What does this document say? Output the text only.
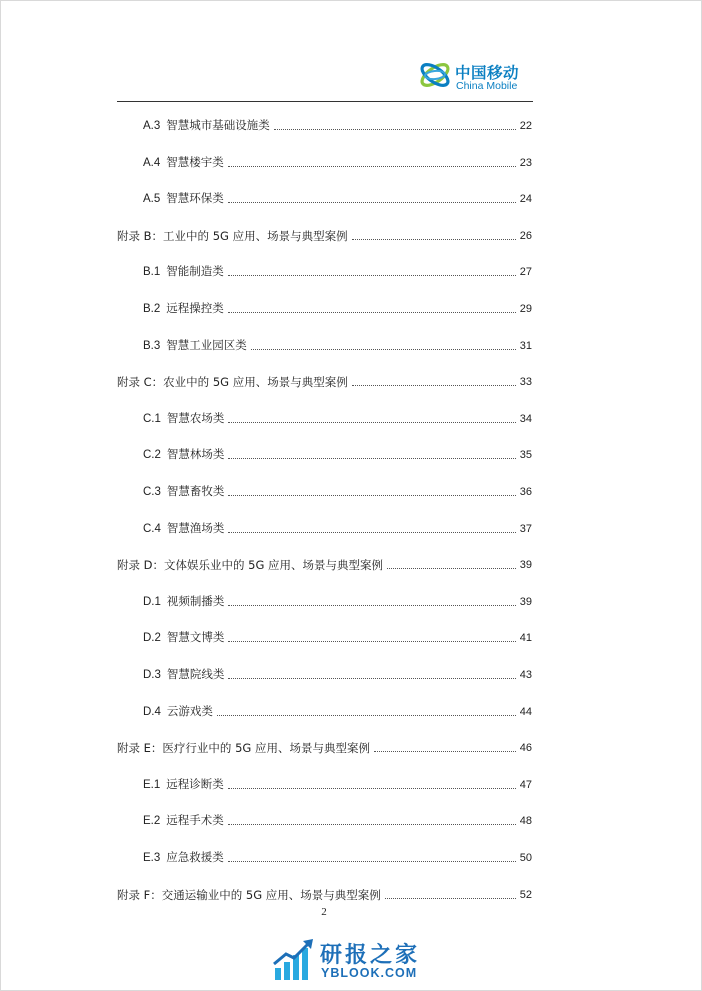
中国移动
China Mobile
A.3 智慧城市基础设施类	22
A.4 智慧楼宇类	23
A.5 智慧环保类	24
附录 B：工业中的 5G 应用、场景与典型案例	26
B.1 智能制造类	27
B.2 远程操控类	29
B.3 智慧工业园区类	31
附录 C：农业中的 5G 应用、场景与典型案例	33
C.1 智慧农场类	34
C.2 智慧林场类	35
C.3 智慧畜牧类	36
C.4 智慧渔场类	37
附录 D：文体娱乐业中的 5G 应用、场景与典型案例	39
D.1 视频制播类	39
D.2 智慧文博类	41
D.3 智慧院线类	43
D.4 云游戏类	44
附录 E：医疗行业中的 5G 应用、场景与典型案例	46
E.1 远程诊断类	47
E.2 远程手术类	48
E.3 应急救援类	50
附录 F：交通运输业中的 5G 应用、场景与典型案例	52
2
研报之家
YBLOOK.COM
